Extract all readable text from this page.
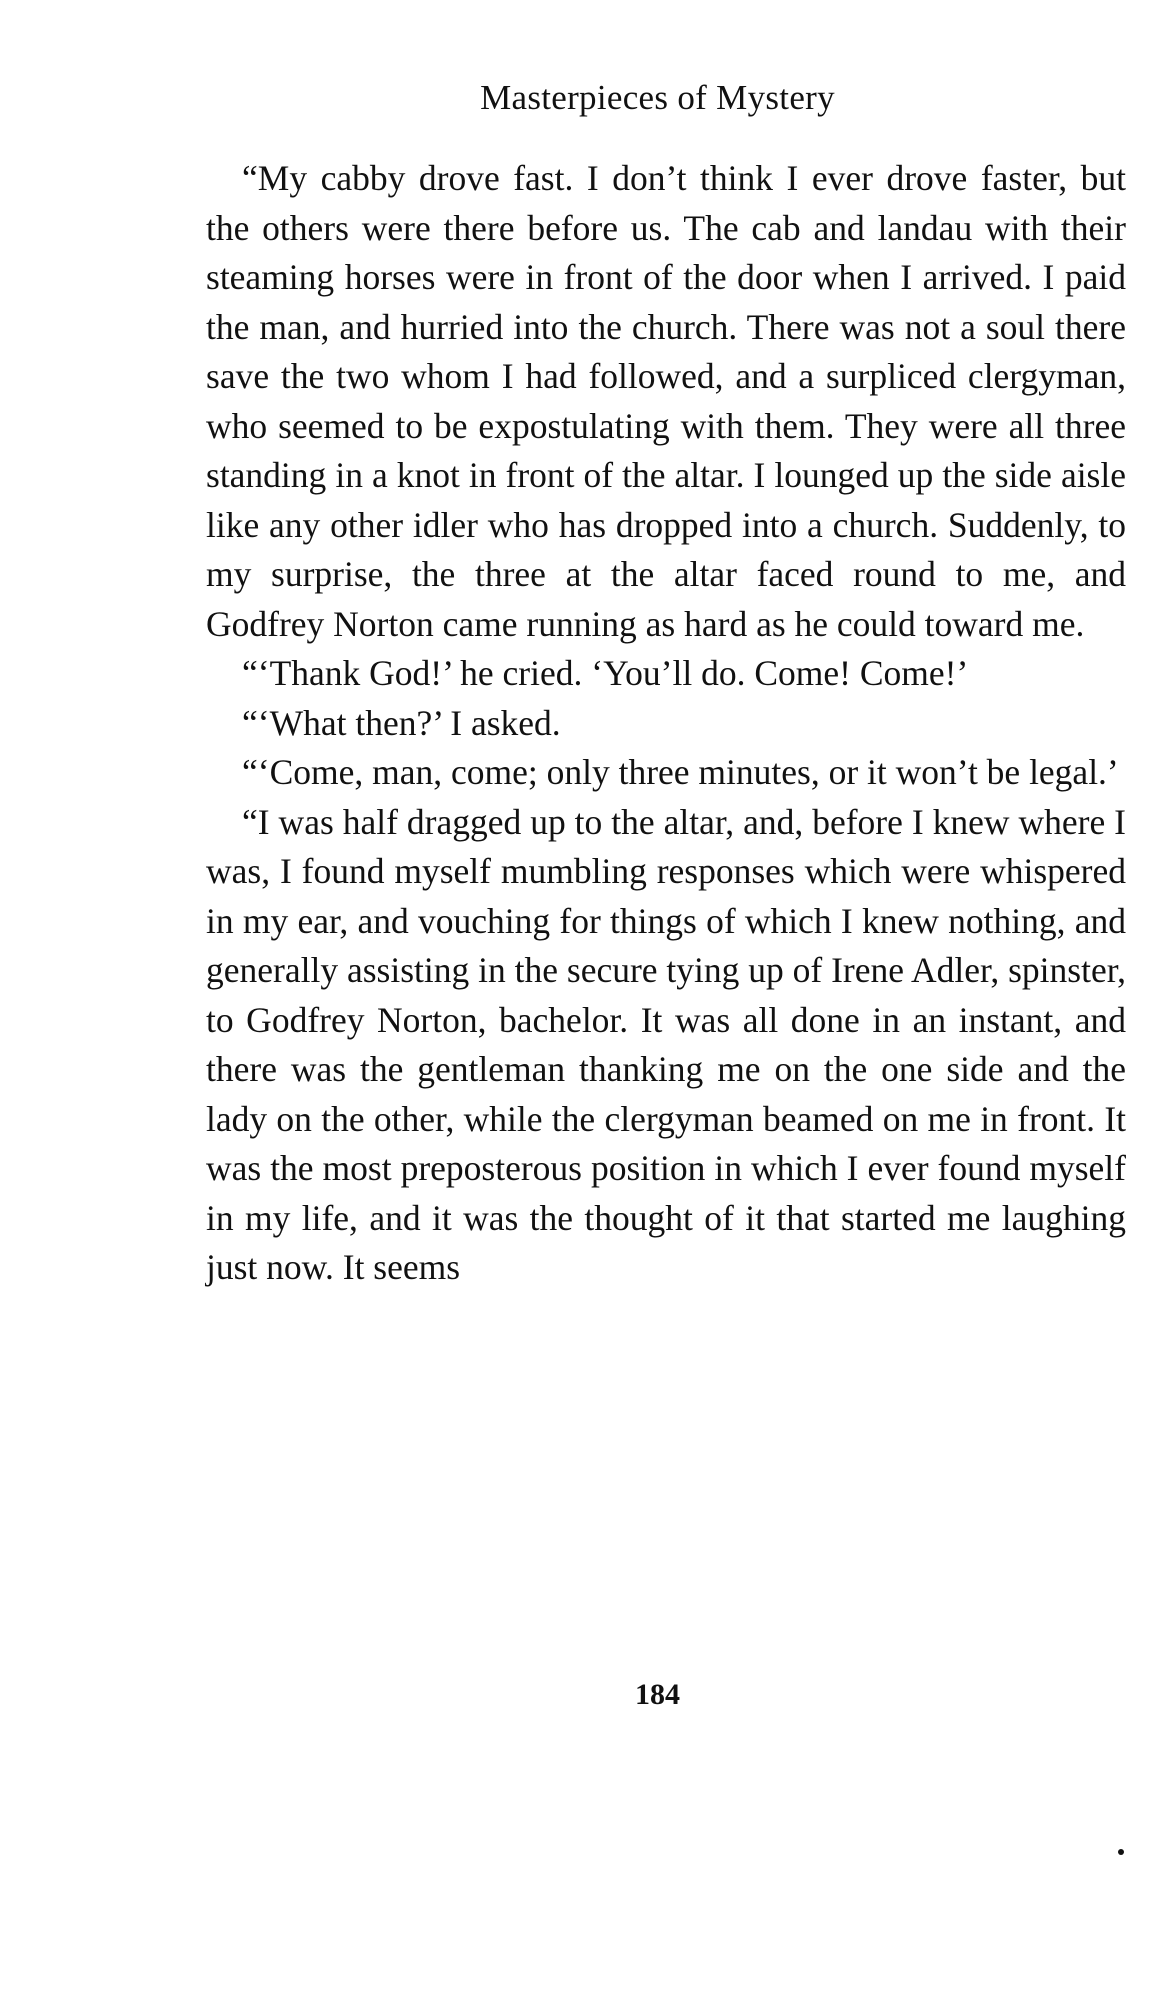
Masterpieces of Mystery

“My cabby drove fast. I don’t think I ever drove faster, but the others were there before us. The cab and landau with their steaming horses were in front of the door when I arrived. I paid the man, and hurried into the church. There was not a soul there save the two whom I had followed, and a surpliced clergyman, who seemed to be expostulating with them. They were all three standing in a knot in front of the altar. I lounged up the side aisle like any other idler who has dropped into a church. Suddenly, to my surprise, the three at the altar faced round to me, and Godfrey Norton came running as hard as he could toward me.

“‘Thank God!’ he cried. ‘You’ll do. Come! Come!’

“‘What then?’ I asked.

“‘Come, man, come; only three minutes, or it won’t be legal.’

“I was half dragged up to the altar, and, before I knew where I was, I found myself mumbling responses which were whispered in my ear, and vouching for things of which I knew nothing, and generally assisting in the secure tying up of Irene Adler, spinster, to Godfrey Norton, bachelor. It was all done in an instant, and there was the gentleman thanking me on the one side and the lady on the other, while the clergyman beamed on me in front. It was the most preposterous position in which I ever found myself in my life, and it was the thought of it that started me laughing just now. It seems

184
